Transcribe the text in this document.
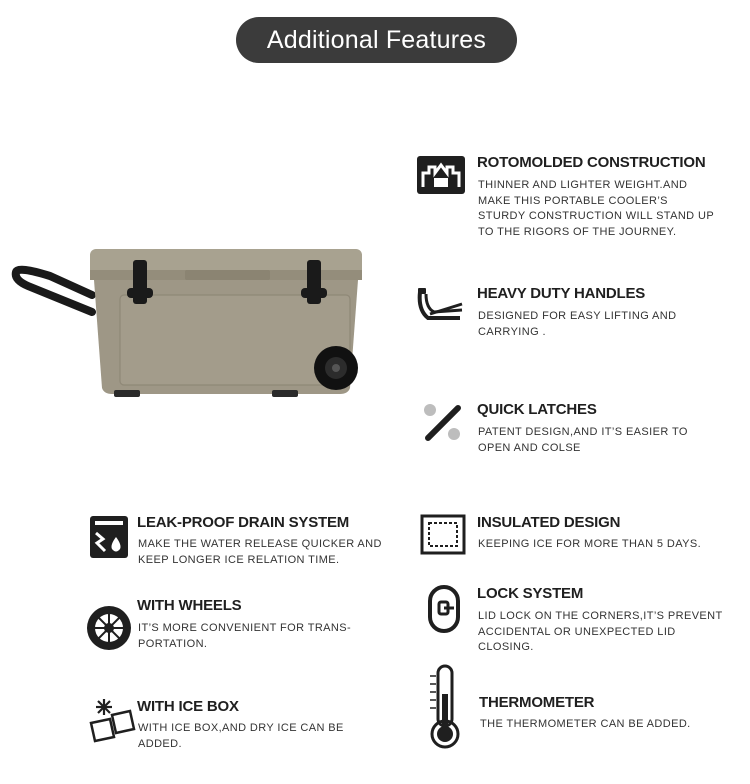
Additional Features
ROTOMOLDED CONSTRUCTION

THINNER AND LIGHTER WEIGHT.AND MAKE THIS PORTABLE COOLER’S STURDY CONSTRUCTION WILL STAND UP TO THE RIGORS OF THE JOURNEY.

HEAVY DUTY HANDLES

DESIGNED FOR EASY LIFTING AND CARRYING .

QUICK LATCHES

PATENT DESIGN,AND IT’S EASIER TO OPEN AND COLSE

LEAK-PROOF DRAIN SYSTEM

MAKE THE WATER RELEASE QUICKER AND KEEP LONGER ICE RELATION TIME.

INSULATED DESIGN

KEEPING ICE FOR MORE THAN 5 DAYS.

WITH WHEELS

IT’S MORE CONVENIENT FOR TRANS-PORTATION.

LOCK SYSTEM

LID LOCK ON THE CORNERS,IT’S PREVENT ACCIDENTAL OR UNEXPECTED LID CLOSING.

WITH ICE BOX

WITH ICE BOX,AND DRY ICE CAN BE ADDED.

THERMOMETER

THE THERMOMETER CAN BE ADDED.
